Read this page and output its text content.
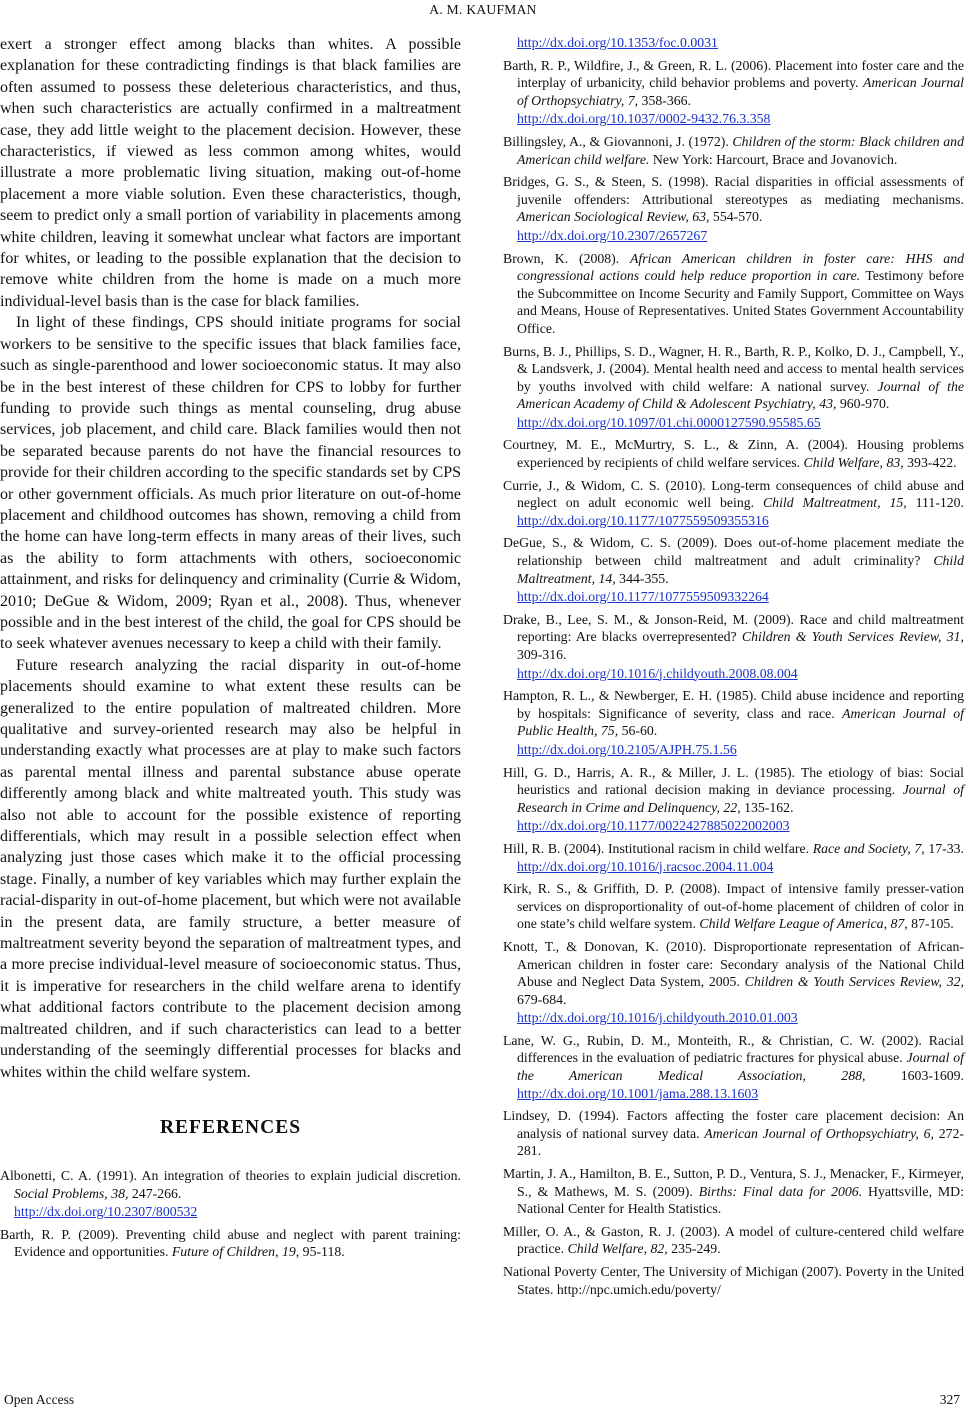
A. M. KAUFMAN

exert a stronger effect among blacks than whites. A possible explanation for these contradicting findings is that black families are often assumed to possess these deleterious characteristics, and thus, when such characteristics are actually confirmed in a maltreatment case, they add little weight to the placement decision. However, these characteristics, if viewed as less common among whites, would illustrate a more problematic living situation, making out-of-home placement a more viable solution. Even these characteristics, though, seem to predict only a small portion of variability in placements among white children, leaving it somewhat unclear what factors are important for whites, or leading to the possible explanation that the decision to remove white children from the home is made on a much more individual-level basis than is the case for black families.

In light of these findings, CPS should initiate programs for social workers to be sensitive to the specific issues that black families face, such as single-parenthood and lower socioeconomic status. It may also be in the best interest of these children for CPS to lobby for further funding to provide such things as mental counseling, drug abuse services, job placement, and child care. Black families would then not be separated because parents do not have the financial resources to provide for their children according to the specific standards set by CPS or other government officials. As much prior literature on out-of-home placement and childhood outcomes has shown, removing a child from the home can have long-term effects in many areas of their lives, such as the ability to form attachments with others, socioeconomic attainment, and risks for delinquency and criminality (Currie & Widom, 2010; DeGue & Widom, 2009; Ryan et al., 2008). Thus, whenever possible and in the best interest of the child, the goal for CPS should be to seek whatever avenues necessary to keep a child with their family.

Future research analyzing the racial disparity in out-of-home placements should examine to what extent these results can be generalized to the entire population of maltreated children. More qualitative and survey-oriented research may also be helpful in understanding exactly what processes are at play to make such factors as parental mental illness and parental substance abuse operate differently among black and white maltreated youth. This study was also not able to account for the possible existence of reporting differentials, which may result in a possible selection effect when analyzing just those cases which make it to the official processing stage. Finally, a number of key variables which may further explain the racial-disparity in out-of-home placement, but which were not available in the present data, are family structure, a better measure of maltreatment severity beyond the separation of maltreatment types, and a more precise individual-level measure of socioeconomic status. Thus, it is imperative for researchers in the child welfare arena to identify what additional factors contribute to the placement decision among maltreated children, and if such characteristics can lead to a better understanding of the seemingly differential processes for blacks and whites within the child welfare system.

REFERENCES
Albonetti, C. A. (1991). An integration of theories to explain judicial discretion. Social Problems, 38, 247-266.
http://dx.doi.org/10.2307/800532
Barth, R. P. (2009). Preventing child abuse and neglect with parent training: Evidence and opportunities. Future of Children, 19, 95-118.
http://dx.doi.org/10.1353/foc.0.0031
Barth, R. P., Wildfire, J., & Green, R. L. (2006). Placement into foster care and the interplay of urbanicity, child behavior problems and poverty. American Journal of Orthopsychiatry, 7, 358-366.
http://dx.doi.org/10.1037/0002-9432.76.3.358
Billingsley, A., & Giovannoni, J. (1972). Children of the storm: Black children and American child welfare. New York: Harcourt, Brace and Jovanovich.
Bridges, G. S., & Steen, S. (1998). Racial disparities in official assessments of juvenile offenders: Attributional stereotypes as mediating mechanisms. American Sociological Review, 63, 554-570.
http://dx.doi.org/10.2307/2657267
Brown, K. (2008). African American children in foster care: HHS and congressional actions could help reduce proportion in care. Testimony before the Subcommittee on Income Security and Family Support, Committee on Ways and Means, House of Representatives. United States Government Accountability Office.
Burns, B. J., Phillips, S. D., Wagner, H. R., Barth, R. P., Kolko, D. J., Campbell, Y., & Landsverk, J. (2004). Mental health need and access to mental health services by youths involved with child welfare: A national survey. Journal of the American Academy of Child & Adolescent Psychiatry, 43, 960-970.
http://dx.doi.org/10.1097/01.chi.0000127590.95585.65
Courtney, M. E., McMurtry, S. L., & Zinn, A. (2004). Housing problems experienced by recipients of child welfare services. Child Welfare, 83, 393-422.
Currie, J., & Widom, C. S. (2010). Long-term consequences of child abuse and neglect on adult economic well being. Child Maltreatment, 15, 111-120. http://dx.doi.org/10.1177/1077559509355316
DeGue, S., & Widom, C. S. (2009). Does out-of-home placement mediate the relationship between child maltreatment and adult criminality? Child Maltreatment, 14, 344-355.
http://dx.doi.org/10.1177/1077559509332264
Drake, B., Lee, S. M., & Jonson-Reid, M. (2009). Race and child maltreatment reporting: Are blacks overrepresented? Children & Youth Services Review, 31, 309-316.
http://dx.doi.org/10.1016/j.childyouth.2008.08.004
Hampton, R. L., & Newberger, E. H. (1985). Child abuse incidence and reporting by hospitals: Significance of severity, class and race. American Journal of Public Health, 75, 56-60.
http://dx.doi.org/10.2105/AJPH.75.1.56
Hill, G. D., Harris, A. R., & Miller, J. L. (1985). The etiology of bias: Social heuristics and rational decision making in deviance processing. Journal of Research in Crime and Delinquency, 22, 135-162.
http://dx.doi.org/10.1177/0022427885022002003
Hill, R. B. (2004). Institutional racism in child welfare. Race and Society, 7, 17-33. http://dx.doi.org/10.1016/j.racsoc.2004.11.004
Kirk, R. S., & Griffith, D. P. (2008). Impact of intensive family presser-vation services on disproportionality of out-of-home placement of children of color in one state’s child welfare system. Child Welfare League of America, 87, 87-105.
Knott, T., & Donovan, K. (2010). Disproportionate representation of African-American children in foster care: Secondary analysis of the National Child Abuse and Neglect Data System, 2005. Children & Youth Services Review, 32, 679-684.
http://dx.doi.org/10.1016/j.childyouth.2010.01.003
Lane, W. G., Rubin, D. M., Monteith, R., & Christian, C. W. (2002). Racial differences in the evaluation of pediatric fractures for physical abuse. Journal of the American Medical Association, 288, 1603-1609. http://dx.doi.org/10.1001/jama.288.13.1603
Lindsey, D. (1994). Factors affecting the foster care placement decision: An analysis of national survey data. American Journal of Orthopsychiatry, 6, 272-281.
Martin, J. A., Hamilton, B. E., Sutton, P. D., Ventura, S. J., Menacker, F., Kirmeyer, S., & Mathews, M. S. (2009). Births: Final data for 2006. Hyattsville, MD: National Center for Health Statistics.
Miller, O. A., & Gaston, R. J. (2003). A model of culture-centered child welfare practice. Child Welfare, 82, 235-249.
National Poverty Center, The University of Michigan (2007). Poverty in the United States. http://npc.umich.edu/poverty/
Open Access	327
